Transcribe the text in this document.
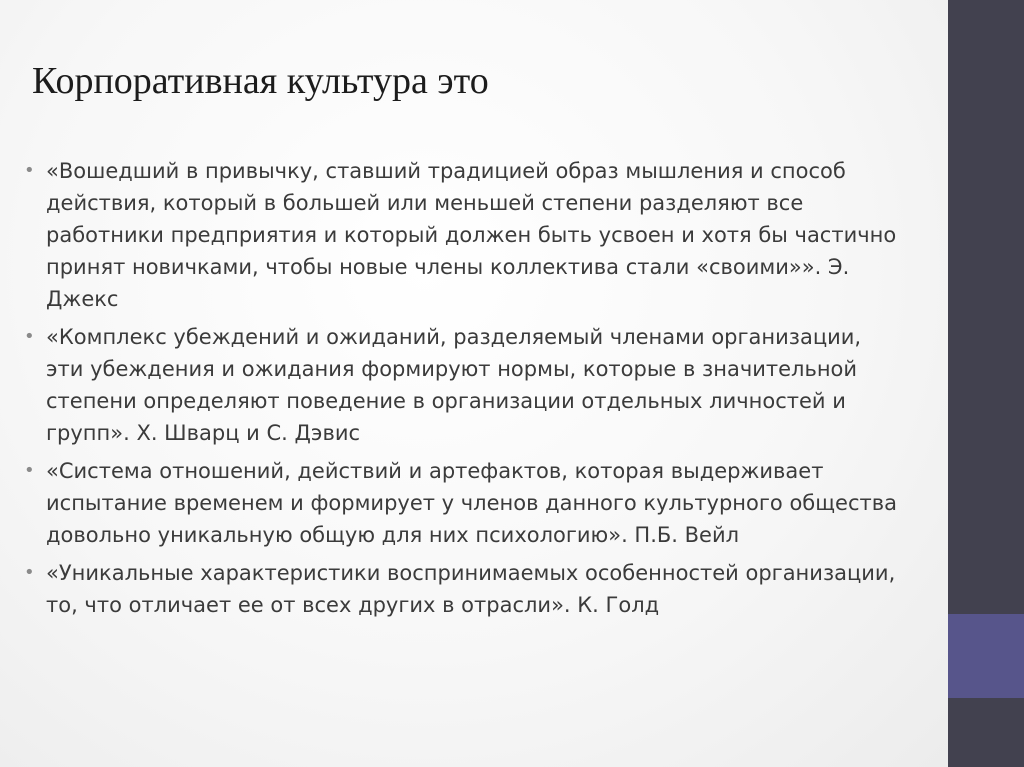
Корпоративная культура это
• «Вошедший в привычку, ставший традицией образ мышления и способ действия, который в большей или меньшей степени разделяют все работники предприятия и который должен быть усвоен и хотя бы частично принят новичками, чтобы новые члены коллектива стали «своими»». Э. Джекс
• «Комплекс убеждений и ожиданий, разделяемый членами организации, эти убеждения и ожидания формируют нормы, которые в значительной степени определяют поведение в организации отдельных личностей и групп». Х. Шварц и С. Дэвис
• «Система отношений, действий и артефактов, которая выдерживает испытание временем и формирует у членов данного культурного общества довольно уникальную общую для них психологию». П.Б. Вейл
• «Уникальные характеристики воспринимаемых особенностей организации, то, что отличает ее от всех других в отрасли». К. Голд
